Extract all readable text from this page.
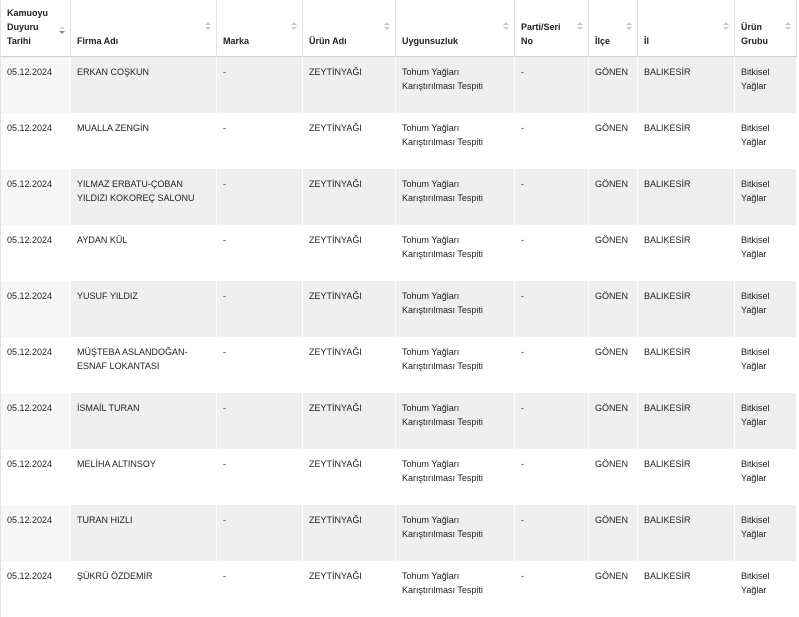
Kamuoyu Duyuru Tarihi	Firma Adı	Marka	Ürün Adı	Uygunsuzluk	Parti/Seri No	İlçe	İl	Ürün Grubu

05.12.2024	ERKAN COŞKUN	-	ZEYTİNYAĞI	Tohum Yağları Karıştırılması Tespiti	-	GÖNEN	BALIKESİR	Bitkisel Yağlar
05.12.2024	MUALLA ZENGİN	-	ZEYTİNYAĞI	Tohum Yağları Karıştırılması Tespiti	-	GÖNEN	BALIKESİR	Bitkisel Yağlar
05.12.2024	YILMAZ ERBATU-ÇOBAN YILDIZI KOKOREÇ SALONU	-	ZEYTİNYAĞI	Tohum Yağları Karıştırılması Tespiti	-	GÖNEN	BALIKESİR	Bitkisel Yağlar
05.12.2024	AYDAN KÜL	-	ZEYTİNYAĞI	Tohum Yağları Karıştırılması Tespiti	-	GÖNEN	BALIKESİR	Bitkisel Yağlar
05.12.2024	YUSUF YILDIZ	-	ZEYTİNYAĞI	Tohum Yağları Karıştırılması Tespiti	-	GÖNEN	BALIKESİR	Bitkisel Yağlar
05.12.2024	MÜŞTEBA ASLANDOĞAN-ESNAF LOKANTASI	-	ZEYTİNYAĞI	Tohum Yağları Karıştırılması Tespiti	-	GÖNEN	BALIKESİR	Bitkisel Yağlar
05.12.2024	İSMAİL TURAN	-	ZEYTİNYAĞI	Tohum Yağları Karıştırılması Tespiti	-	GÖNEN	BALIKESİR	Bitkisel Yağlar
05.12.2024	MELİHA ALTINSOY	-	ZEYTİNYAĞI	Tohum Yağları Karıştırılması Tespiti	-	GÖNEN	BALIKESİR	Bitkisel Yağlar
05.12.2024	TURAN HIZLI	-	ZEYTİNYAĞI	Tohum Yağları Karıştırılması Tespiti	-	GÖNEN	BALIKESİR	Bitkisel Yağlar
05.12.2024	ŞÜKRÜ ÖZDEMİR	-	ZEYTİNYAĞI	Tohum Yağları Karıştırılması Tespiti	-	GÖNEN	BALIKESİR	Bitkisel Yağlar
